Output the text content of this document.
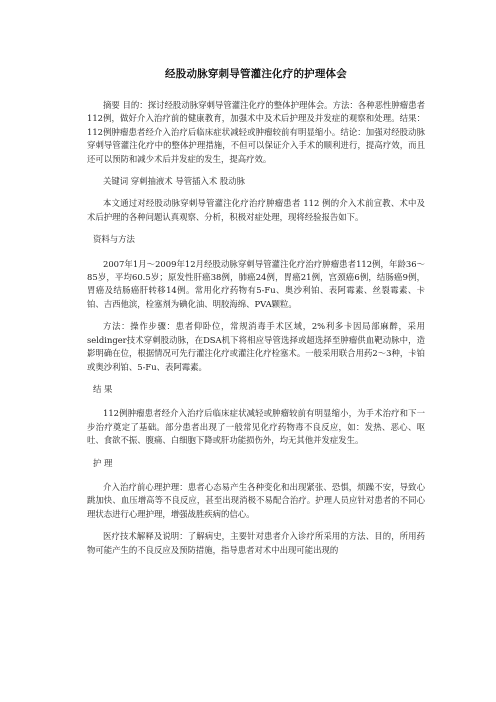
经股动脉穿刺导管灌注化疗的护理体会

摘要 目的：探讨经股动脉穿刺导管灌注化疗的整体护理体会。方法：各种恶性肿瘤患者112例，做好介入治疗前的健康教育，加强术中及术后护理及并发症的观察和处理。结果：112例肿瘤患者经介入治疗后临床症状减轻或肿瘤较前有明显缩小。结论：加强对经股动脉穿刺导管灌注化疗中的整体护理措施，不但可以保证介入手术的顺利进行，提高疗效，而且还可以预防和减少术后并发症的发生，提高疗效。

关键词 穿刺抽液术 导管插入术 股动脉

本文通过对经股动脉穿刺导管灌注化疗治疗肿瘤患者 112 例的介入术前宣教、术中及术后护理的各种问题认真观察、分析，积极对症处理，现将经验报告如下。

资料与方法

2007年1月～2009年12月经股动脉穿刺导管灌注化疗治疗肿瘤患者112例，年龄36～85岁，平均60.5岁；原发性肝癌38例，肺癌24例，胃癌21例，宫颈癌6例，结肠癌9例，胃癌及结肠癌肝转移14例。常用化疗药物有5-Fu、奥沙利铂、表阿霉素、丝裂霉素、卡铂、吉西他滨，栓塞剂为碘化油、明胶海绵、PVA颗粒。

方法：操作步骤：患者仰卧位，常规消毒手术区域，2%利多卡因局部麻醉，采用seldinger技术穿刺股动脉，在DSA机下将相应导管选择或超选择至肿瘤供血靶动脉中，造影明确在位，根据情况可先行灌注化疗或灌注化疗栓塞术。一般采用联合用药2～3种，卡铂或奥沙利铂、5-Fu、表阿霉素。

结 果

112例肿瘤患者经介入治疗后临床症状减轻或肿瘤较前有明显缩小，为手术治疗和下一步治疗奠定了基础。部分患者出现了一般常见化疗药物毒不良反应，如：发热、恶心、呕吐、食欲不振、腹痛、白细胞下降或肝功能损伤外，均无其他并发症发生。

护 理

介入治疗前心理护理：患者心态易产生各种变化和出现紧张、恐惧，烦躁不安，导致心跳加快、血压增高等不良反应，甚至出现消极不易配合治疗。护理人员应针对患者的不同心理状态进行心理护理，增强战胜疾病的信心。

医疗技术解释及说明：了解病史，主要针对患者介入诊疗所采用的方法、目的，所用药物可能产生的不良反应及预防措施，指导患者对术中出现可能出现的
